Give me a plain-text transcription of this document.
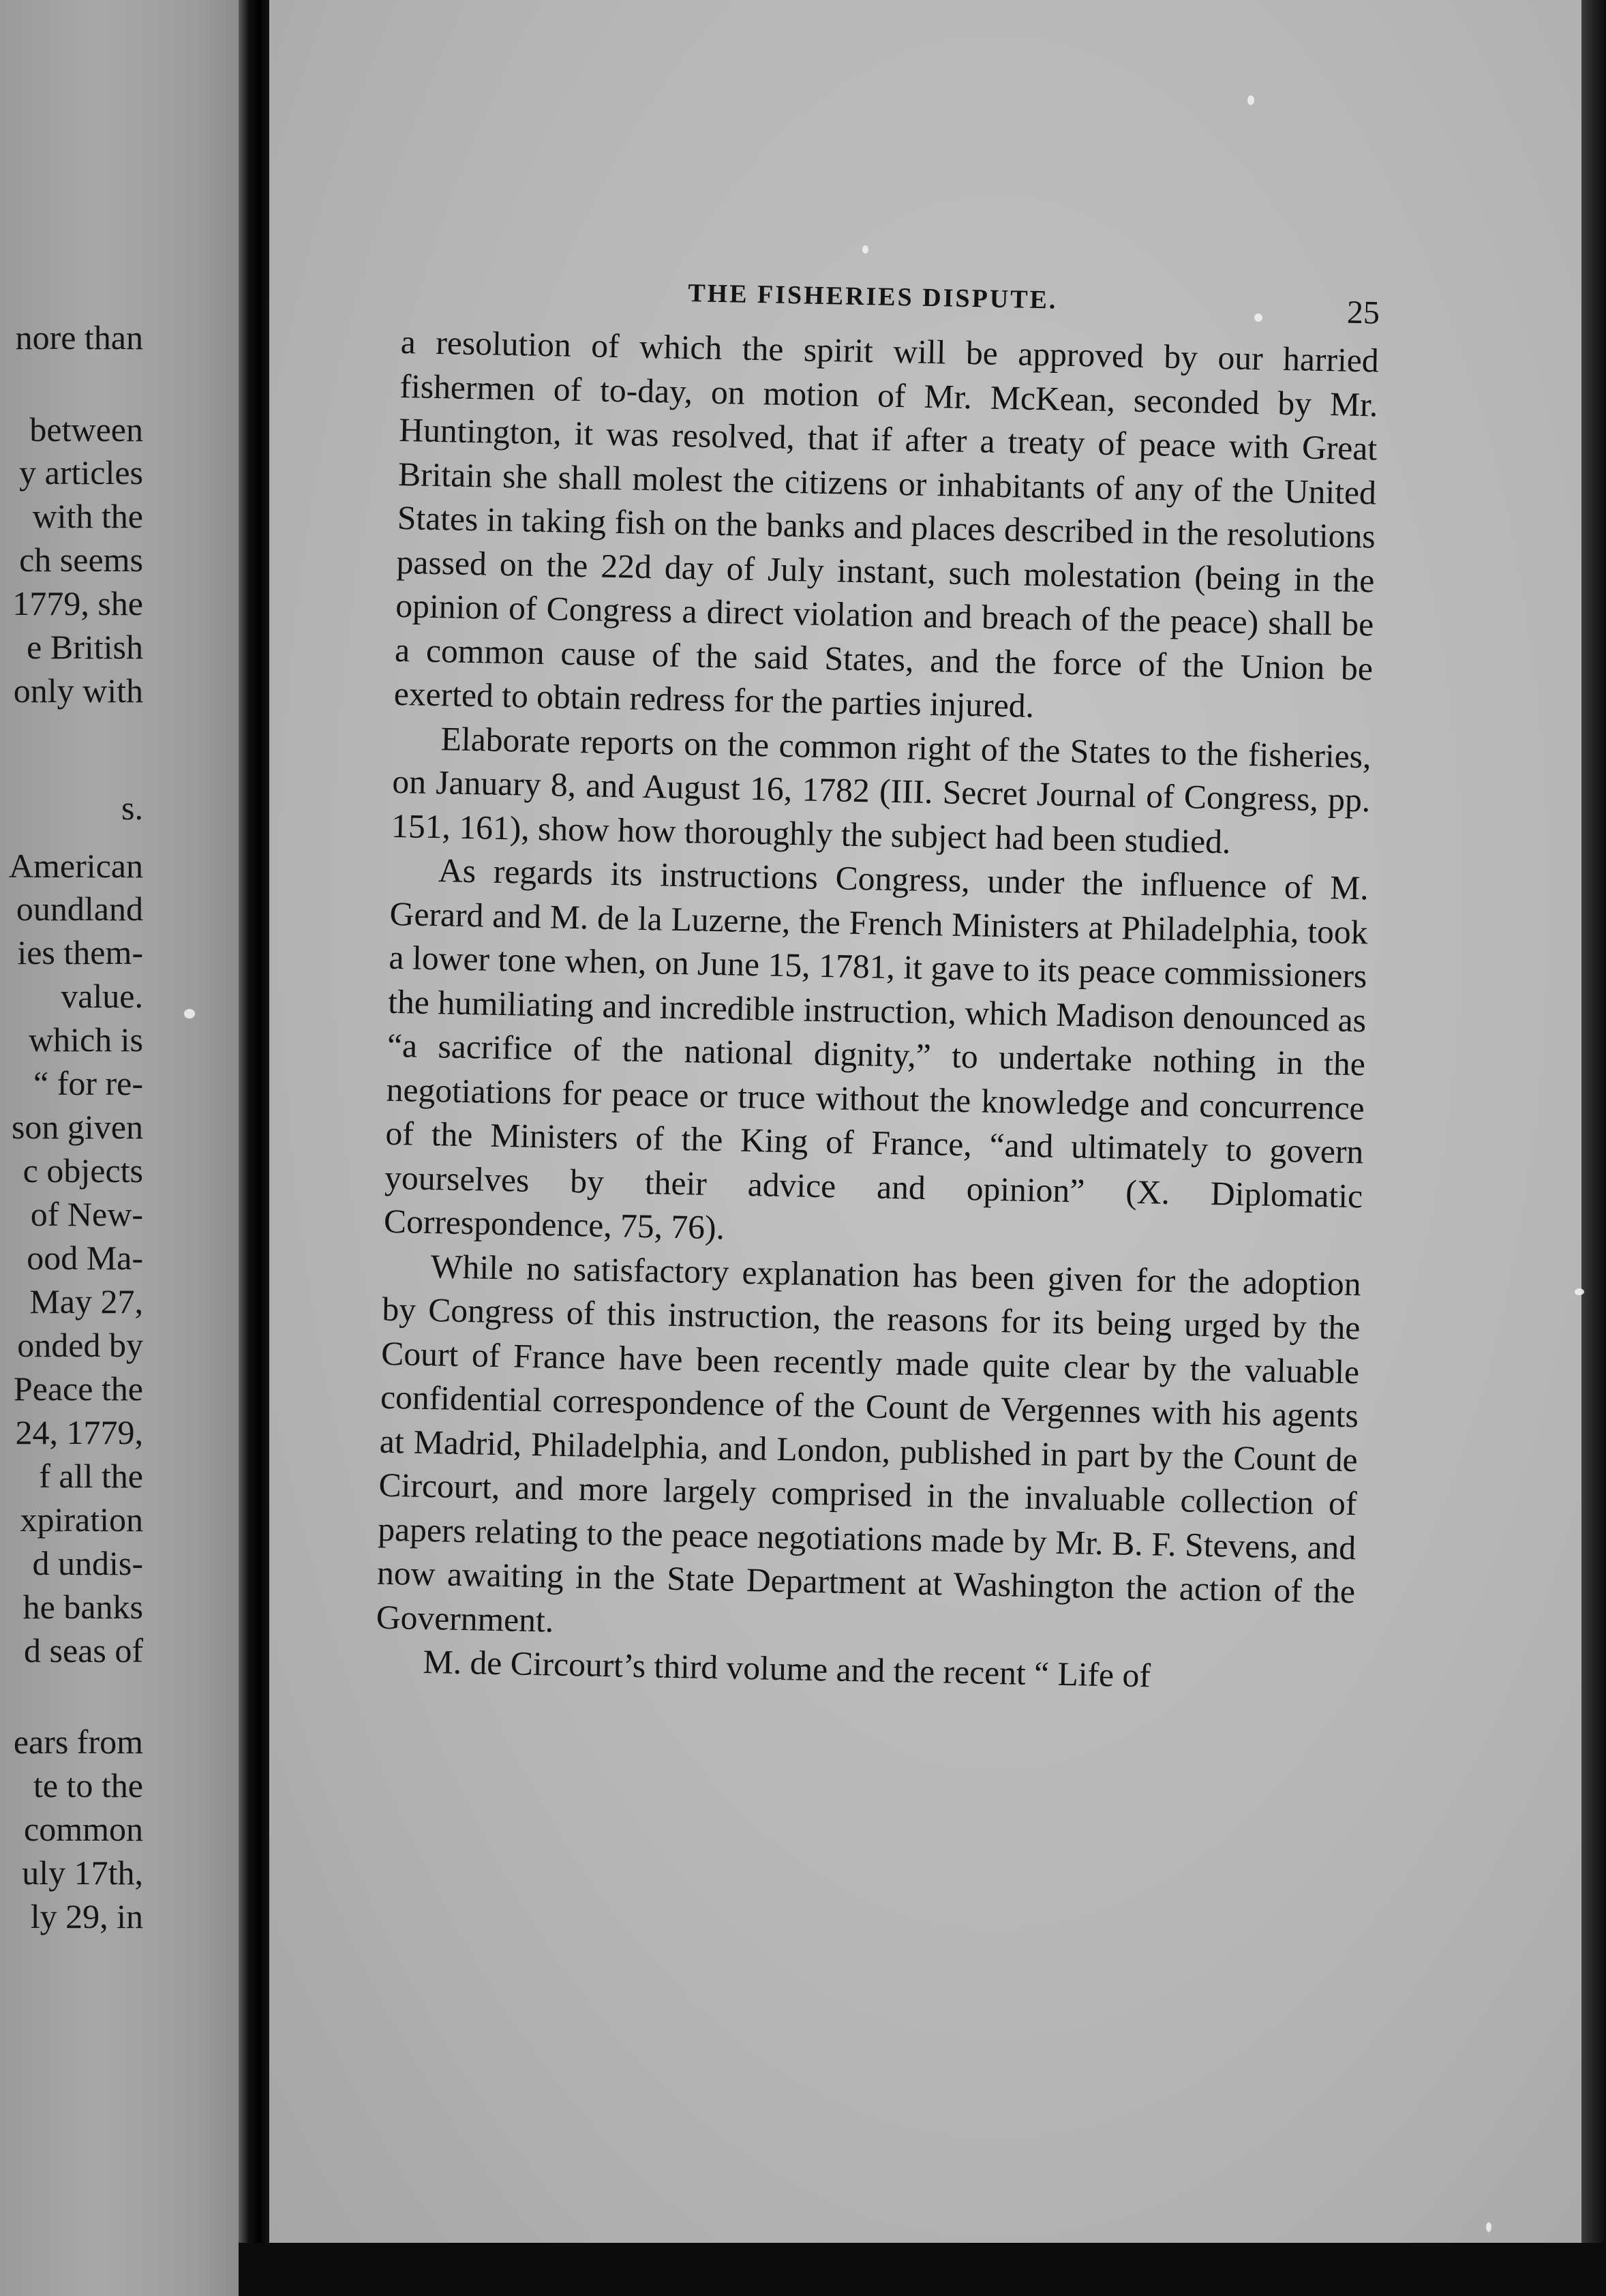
nore than
between
y articles
with the
ch seems
1779, she
e British
only with
s.
American
oundland
ies them-
value.
which is
“ for re-
son given
c objects
of New-
ood Ma-
May 27,
onded by
Peace the
24, 1779,
f all the
xpiration
d undis-
he banks
d seas of
ears from
te to the
common
uly 17th,
ly 29, in
THE FISHERIES DISPUTE.	25

a resolution of which the spirit will be approved by our harried fishermen of to-day, on motion of Mr. McKean, seconded by Mr. Huntington, it was resolved, that if after a treaty of peace with Great Britain she shall molest the citizens or inhabitants of any of the United States in taking fish on the banks and places described in the resolutions passed on the 22d day of July instant, such molestation (being in the opinion of Congress a direct violation and breach of the peace) shall be a common cause of the said States, and the force of the Union be exerted to obtain redress for the parties injured.

Elaborate reports on the common right of the States to the fisheries, on January 8, and August 16, 1782 (III. Secret Journal of Congress, pp. 151, 161), show how thoroughly the subject had been studied.

As regards its instructions Congress, under the influence of M. Gerard and M. de la Luzerne, the French Ministers at Philadelphia, took a lower tone when, on June 15, 1781, it gave to its peace commissioners the humiliating and incredible instruction, which Madison denounced as “a sacrifice of the national dignity,” to undertake nothing in the negotiations for peace or truce without the knowledge and concurrence of the Ministers of the King of France, “and ultimately to govern yourselves by their advice and opinion” (X. Diplomatic Correspondence, 75, 76).

While no satisfactory explanation has been given for the adoption by Congress of this instruction, the reasons for its being urged by the Court of France have been recently made quite clear by the valuable confidential correspondence of the Count de Vergennes with his agents at Madrid, Philadelphia, and London, published in part by the Count de Circourt, and more largely comprised in the invaluable collection of papers relating to the peace negotiations made by Mr. B. F. Stevens, and now awaiting in the State Department at Washington the action of the Government.

M. de Circourt’s third volume and the recent “ Life of
